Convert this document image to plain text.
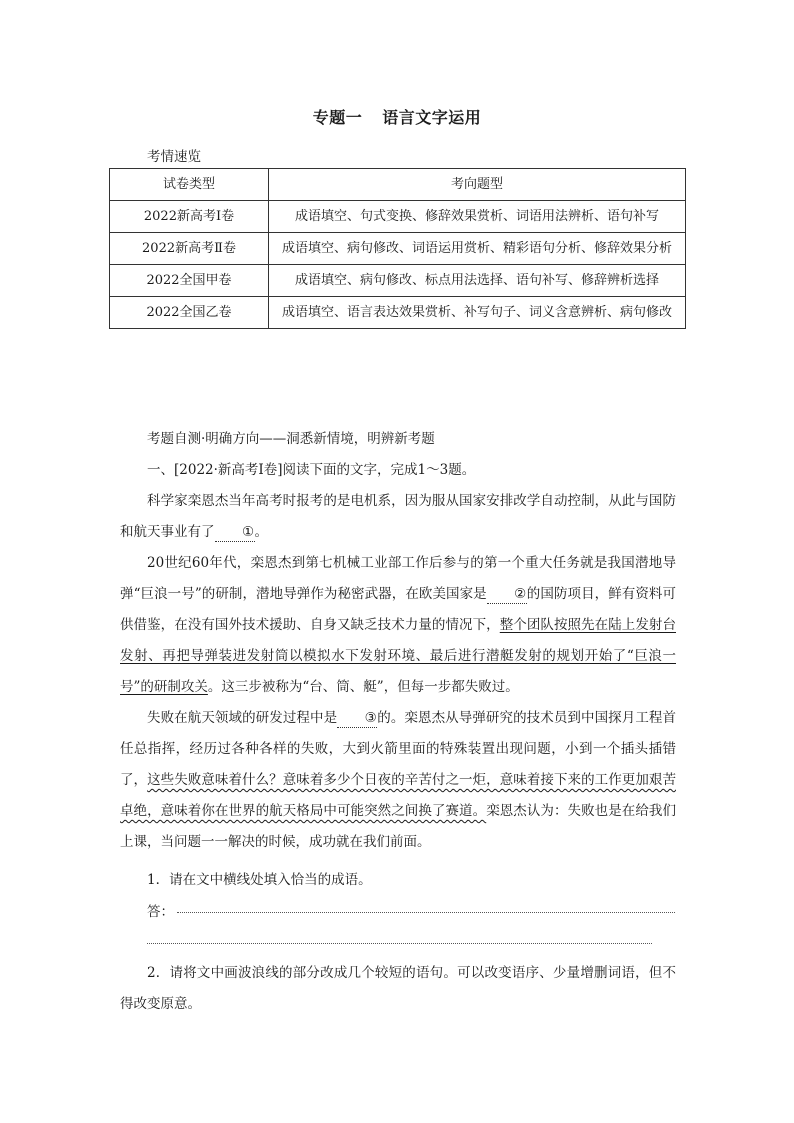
专题一 语言文字运用
考情速览
试卷类型	考向题型
2022新高考Ⅰ卷	成语填空、句式变换、修辞效果赏析、词语用法辨析、语句补写
2022新高考Ⅱ卷	成语填空、病句修改、词语运用赏析、精彩语句分析、修辞效果分析
2022全国甲卷	成语填空、病句修改、标点用法选择、语句补写、修辞辨析选择
2022全国乙卷	成语填空、语言表达效果赏析、补写句子、词义含意辨析、病句修改
考题自测·明确方向——洞悉新情境，明辨新考题
一、[2022·新高考Ⅰ卷]阅读下面的文字，完成1～3题。
科学家栾恩杰当年高考时报考的是电机系，因为服从国家安排改学自动控制，从此与国防和航天事业有了 ①。
20世纪60年代，栾恩杰到第七机械工业部工作后参与的第一个重大任务就是我国潜地导弹“巨浪一号”的研制，潜地导弹作为秘密武器，在欧美国家是 ②的国防项目，鲜有资料可供借鉴，在没有国外技术援助、自身又缺乏技术力量的情况下，整个团队按照先在陆上发射台发射、再把导弹装进发射筒以模拟水下发射环境、最后进行潜艇发射的规划开始了“巨浪一号”的研制攻关。这三步被称为“台、筒、艇”，但每一步都失败过。
失败在航天领域的研发过程中是 ③的。栾恩杰从导弹研究的技术员到中国探月工程首任总指挥，经历过各种各样的失败，大到火箭里面的特殊装置出现问题，小到一个插头插错了，这些失败意味着什么？意味着多少个日夜的辛苦付之一炬，意味着接下来的工作更加艰苦卓绝，意味着你在世界的航天格局中可能突然之间换了赛道。栾恩杰认为：失败也是在给我们上课，当问题一一解决的时候，成功就在我们前面。
1．请在文中横线处填入恰当的成语。
答：
2．请将文中画波浪线的部分改成几个较短的语句。可以改变语序、少量增删词语，但不得改变原意。
